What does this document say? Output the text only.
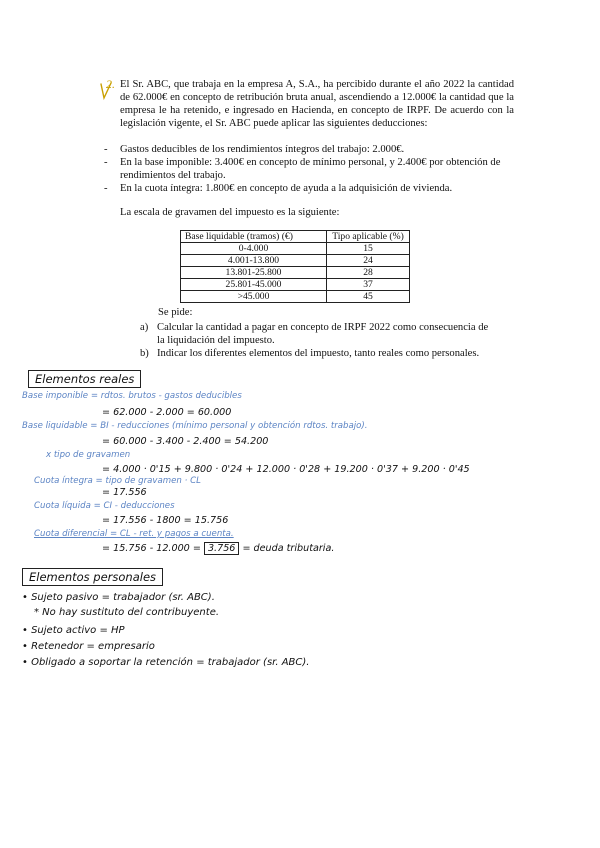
2. El Sr. ABC, que trabaja en la empresa A, S.A., ha percibido durante el año 2022 la cantidad de 62.000€ en concepto de retribución bruta anual, ascendiendo a 12.000€ la cantidad que la empresa le ha retenido, e ingresado en Hacienda, en concepto de IRPF. De acuerdo con la legislación vigente, el Sr. ABC puede aplicar las siguientes deducciones:
- Gastos deducibles de los rendimientos íntegros del trabajo: 2.000€.
- En la base imponible: 3.400€ en concepto de mínimo personal, y 2.400€ por obtención de rendimientos del trabajo.
- En la cuota íntegra: 1.800€ en concepto de ayuda a la adquisición de vivienda.
La escala de gravamen del impuesto es la siguiente:
Base liquidable (tramos) (€)	Tipo aplicable (%)
0-4.000	15
4.001-13.800	24
13.801-25.800	28
25.801-45.000	37
>45.000	45
Se pide:
a) Calcular la cantidad a pagar en concepto de IRPF 2022 como consecuencia de
la liquidación del impuesto.
b) Indicar los diferentes elementos del impuesto, tanto reales como personales.
Elementos reales
Base imponible = rdtos. brutos - gastos deducibles
= 62.000 - 2.000 = 60.000
Base liquidable = BI - reducciones (mínimo personal y obtención rdtos. trabajo).
= 60.000 - 3.400 - 2.400 = 54.200
x tipo de gravamen
= 4.000 · 0'15 + 9.800 · 0'24 + 12.000 · 0'28 + 19.200 · 0'37 + 9.200 · 0'45
Cuota íntegra = tipo de gravamen · CL
= 17.556
Cuota líquida = CI - deducciones
= 17.556 - 1800 = 15.756
Cuota diferencial = CL - ret. y pagos a cuenta.
= 15.756 - 12.000 = 3.756 = deuda tributaria.
Elementos personales
• Sujeto pasivo = trabajador (sr. ABC).
* No hay sustituto del contribuyente.
• Sujeto activo = HP
• Retenedor = empresario
• Obligado a soportar la retención = trabajador (sr. ABC).
